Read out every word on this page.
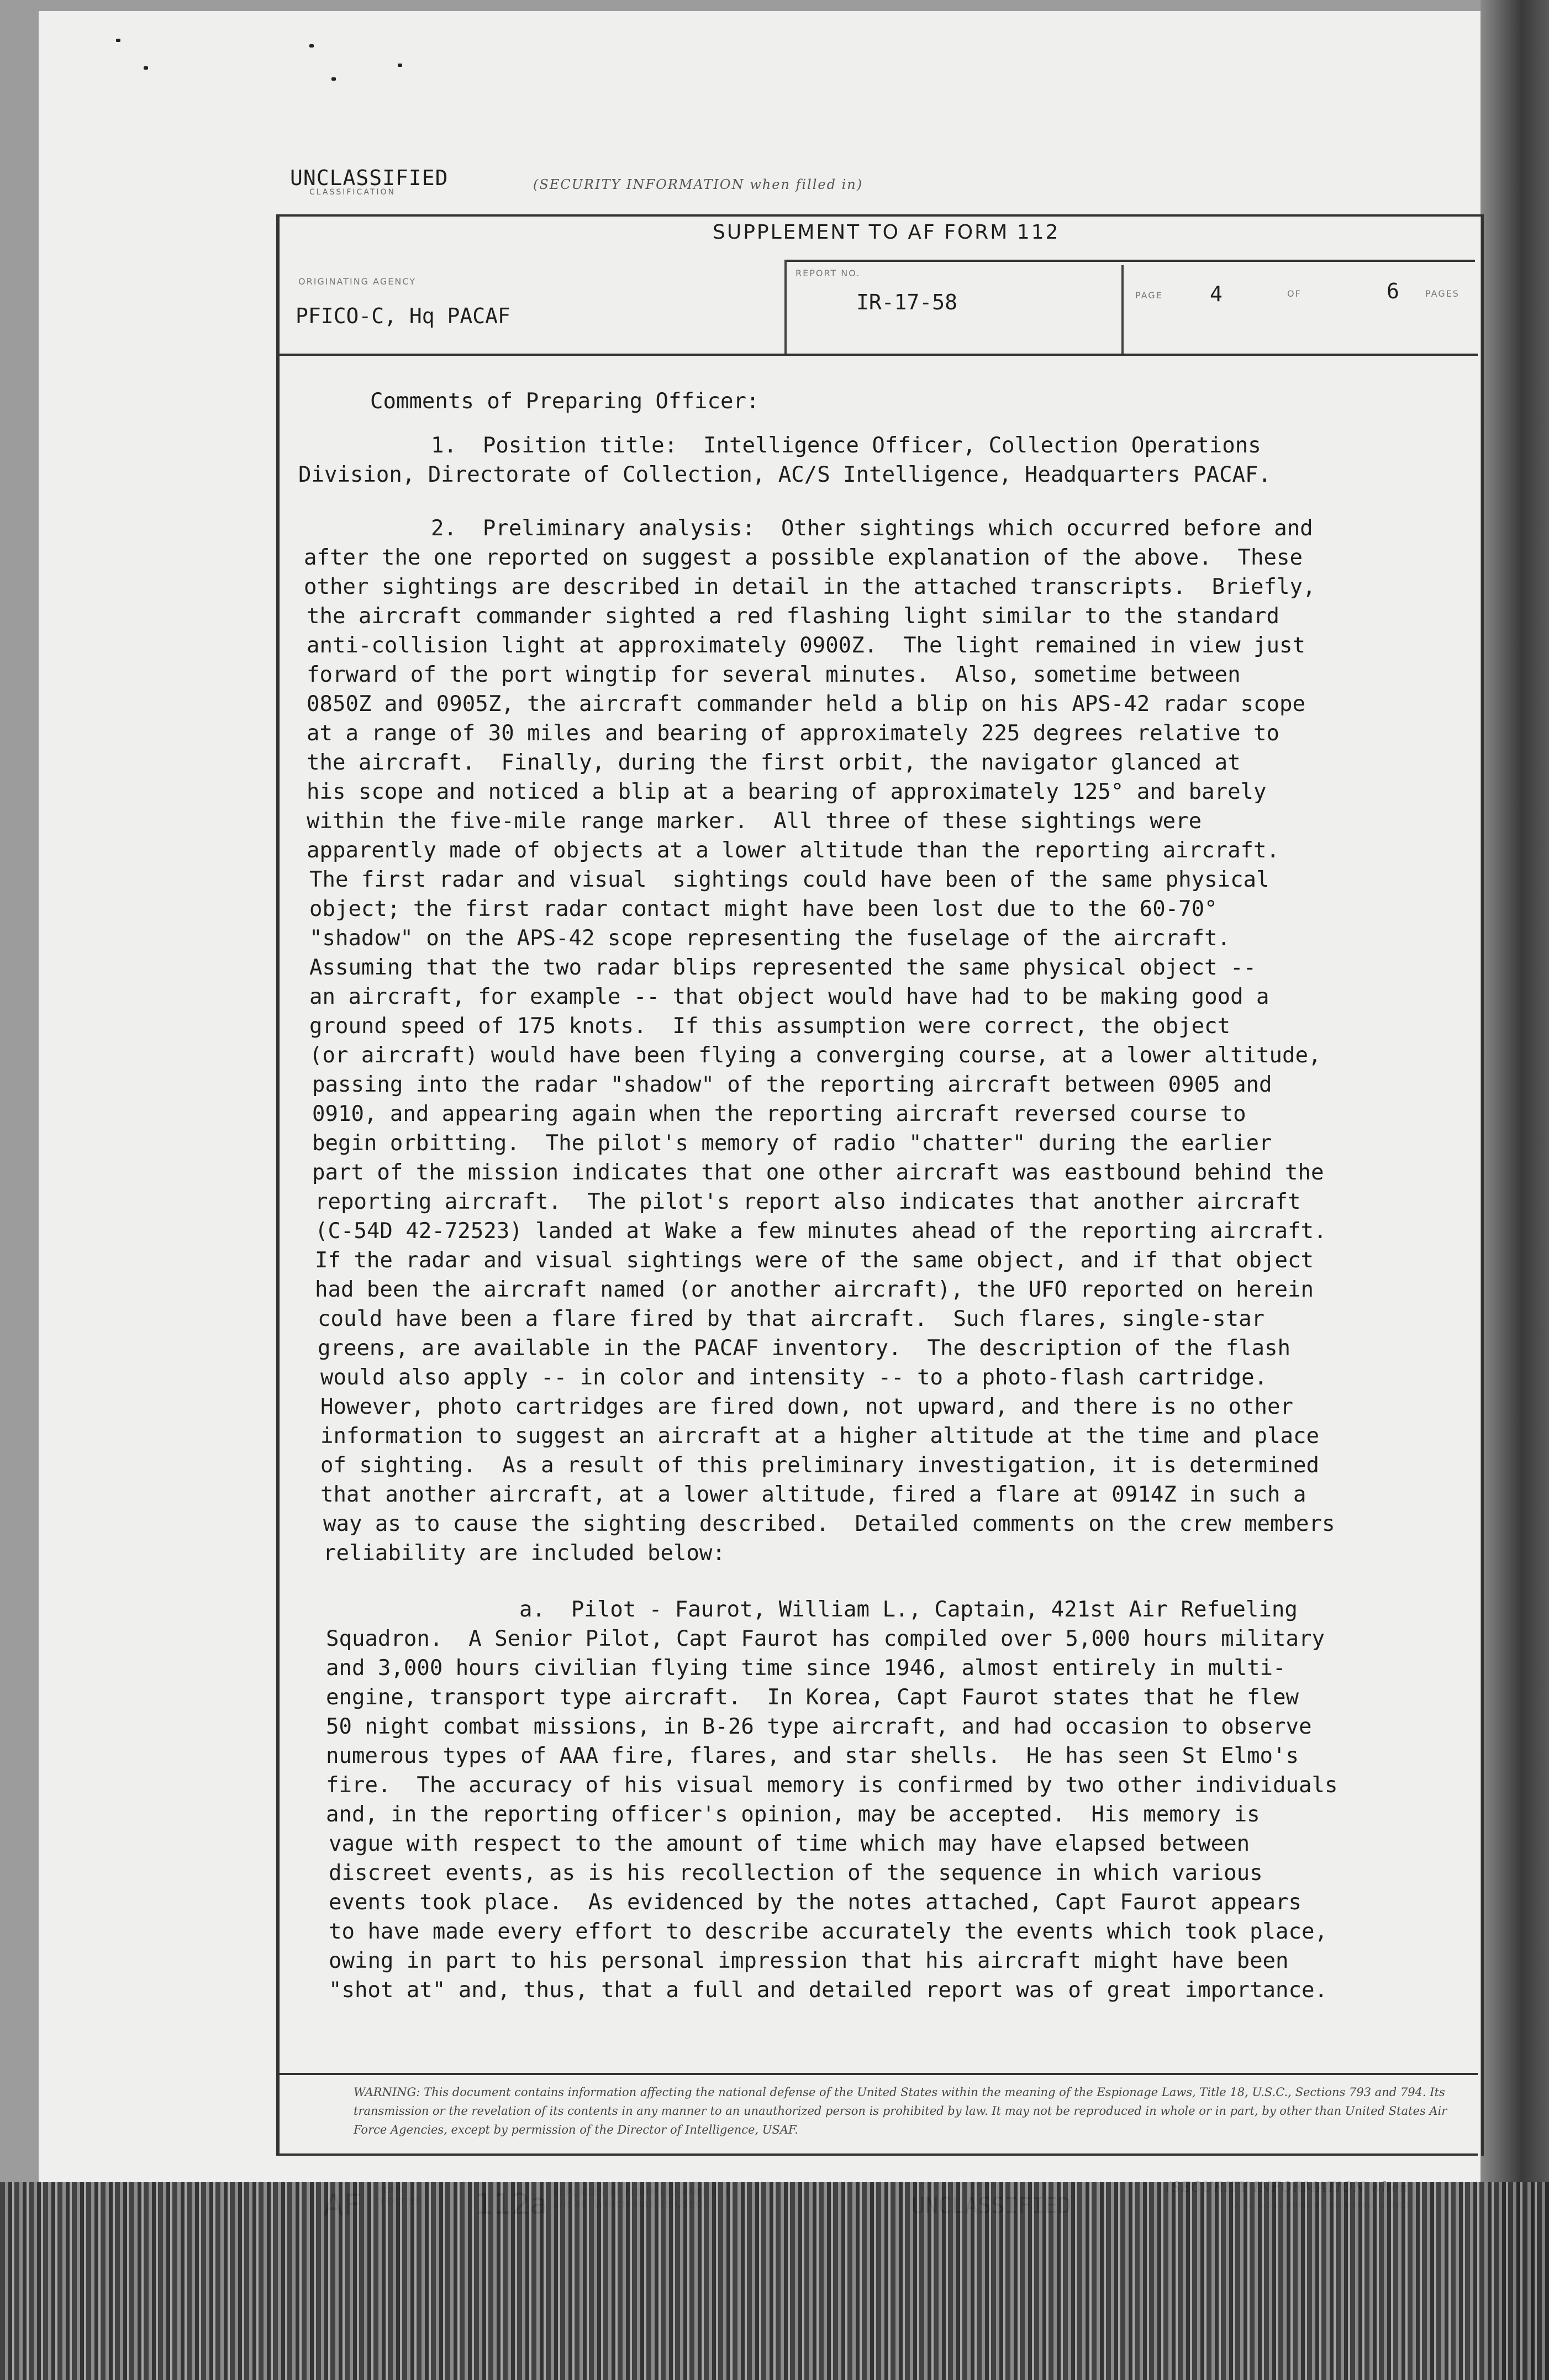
UNCLASSIFIED
CLASSIFICATION	(SECURITY INFORMATION when filled in)
SUPPLEMENT TO AF FORM 112
ORIGINATING AGENCY
PFICO-C, Hq PACAF
REPORT NO.
IR-17-58	PAGE 4	OF	6	PAGES
Comments of Preparing Officer:
1.  Position title:  Intelligence Officer, Collection Operations
Division, Directorate of Collection, AC/S Intelligence, Headquarters PACAF.
2.  Preliminary analysis:  Other sightings which occurred before and
after the one reported on suggest a possible explanation of the above.  These
other sightings are described in detail in the attached transcripts.  Briefly,
the aircraft commander sighted a red flashing light similar to the standard
anti-collision light at approximately 0900Z.  The light remained in view just
forward of the port wingtip for several minutes.  Also, sometime between
0850Z and 0905Z, the aircraft commander held a blip on his APS-42 radar scope
at a range of 30 miles and bearing of approximately 225 degrees relative to
the aircraft.  Finally, during the first orbit, the navigator glanced at
his scope and noticed a blip at a bearing of approximately 125° and barely
within the five-mile range marker.  All three of these sightings were
apparently made of objects at a lower altitude than the reporting aircraft.
The first radar and visual  sightings could have been of the same physical
object; the first radar contact might have been lost due to the 60-70°
"shadow" on the APS-42 scope representing the fuselage of the aircraft.
Assuming that the two radar blips represented the same physical object --
an aircraft, for example -- that object would have had to be making good a
ground speed of 175 knots.  If this assumption were correct, the object
(or aircraft) would have been flying a converging course, at a lower altitude,
passing into the radar "shadow" of the reporting aircraft between 0905 and
0910, and appearing again when the reporting aircraft reversed course to
begin orbitting.  The pilot's memory of radio "chatter" during the earlier
part of the mission indicates that one other aircraft was eastbound behind the
reporting aircraft.  The pilot's report also indicates that another aircraft
(C-54D 42-72523) landed at Wake a few minutes ahead of the reporting aircraft.
If the radar and visual sightings were of the same object, and if that object
had been the aircraft named (or another aircraft), the UFO reported on herein
could have been a flare fired by that aircraft.  Such flares, single-star
greens, are available in the PACAF inventory.  The description of the flash
would also apply -- in color and intensity -- to a photo-flash cartridge.
However, photo cartridges are fired down, not upward, and there is no other
information to suggest an aircraft at a higher altitude at the time and place
of sighting.  As a result of this preliminary investigation, it is determined
that another aircraft, at a lower altitude, fired a flare at 0914Z in such a
way as to cause the sighting described.  Detailed comments on the crew members
reliability are included below:
a.  Pilot - Faurot, William L., Captain, 421st Air Refueling
Squadron.  A Senior Pilot, Capt Faurot has compiled over 5,000 hours military
and 3,000 hours civilian flying time since 1946, almost entirely in multi-
engine, transport type aircraft.  In Korea, Capt Faurot states that he flew
50 night combat missions, in B-26 type aircraft, and had occasion to observe
numerous types of AAA fire, flares, and star shells.  He has seen St Elmo's
fire.  The accuracy of his visual memory is confirmed by two other individuals
and, in the reporting officer's opinion, may be accepted.  His memory is
vague with respect to the amount of time which may have elapsed between
discreet events, as is his recollection of the sequence in which various
events took place.  As evidenced by the notes attached, Capt Faurot appears
to have made every effort to describe accurately the events which took place,
owing in part to his personal impression that his aircraft might have been
"shot at" and, thus, that a full and detailed report was of great importance.
WARNING: This document contains information affecting the national defense of the United States within the meaning of the Espionage Laws, Title 18, U.S.C., Sections 793 and 794. Its transmission or the revelation of its contents in any manner to an unauthorized person is prohibited by law. It may not be reproduced in whole or in part, by other than United States Air Force Agencies, except by permission of the Director of Intelligence, USAF.
